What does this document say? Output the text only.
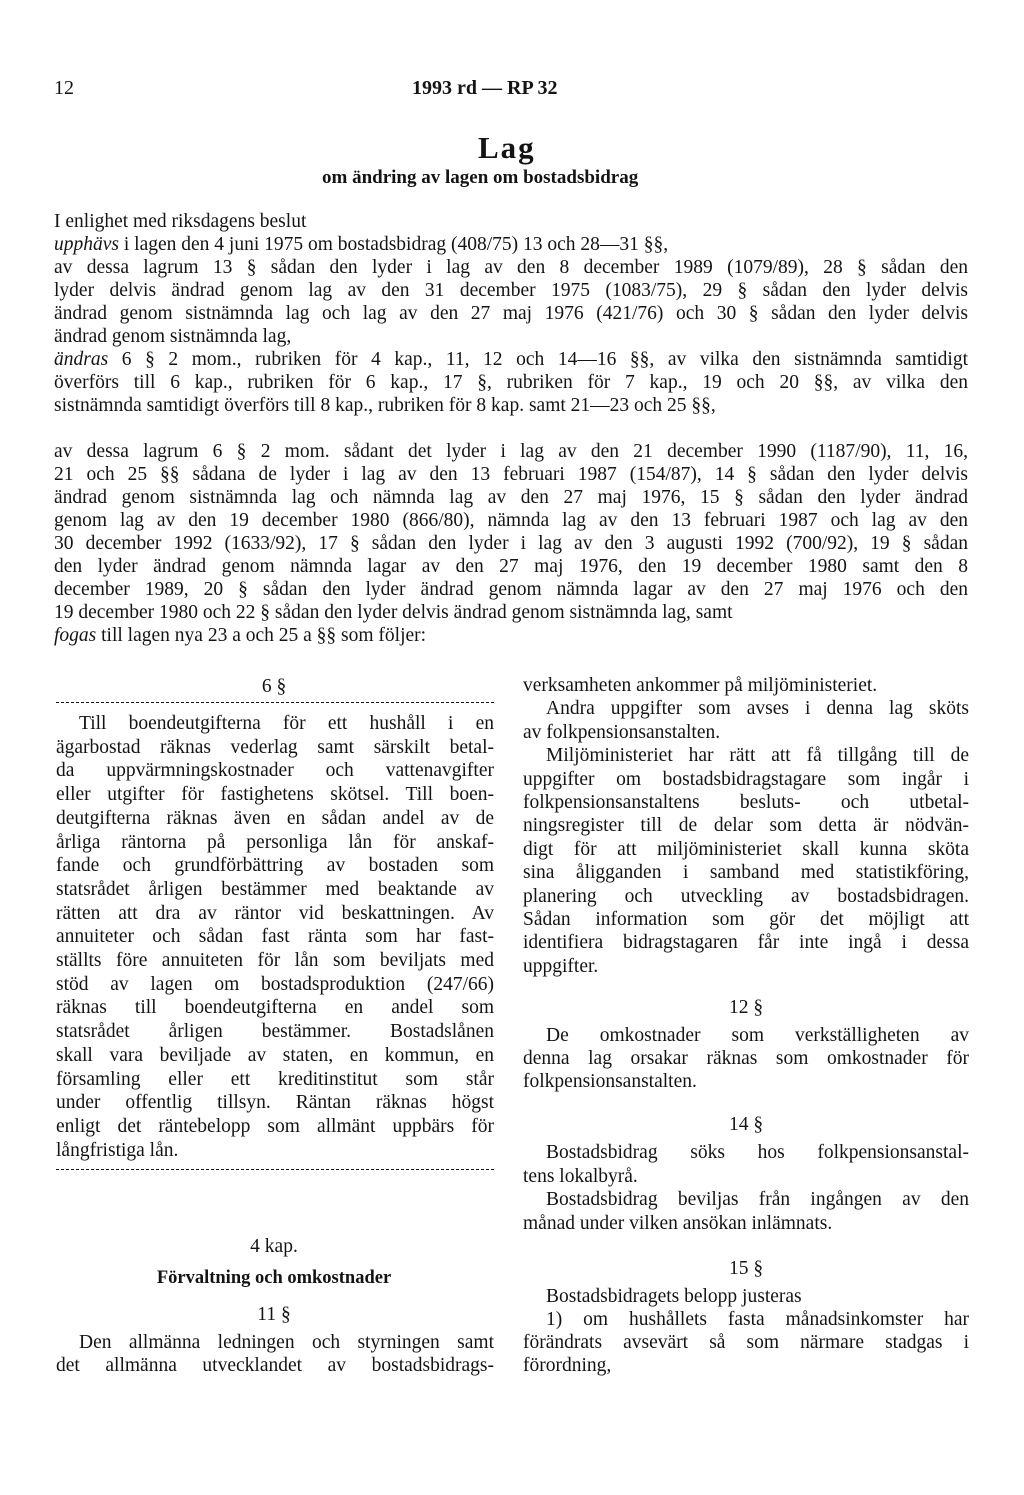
12	1993 rd — RP 32
Lag
om ändring av lagen om bostadsbidrag
I enlighet med riksdagens beslut
upphävs i lagen den 4 juni 1975 om bostadsbidrag (408/75) 13 och 28—31 §§,
av dessa lagrum 13 § sådan den lyder i lag av den 8 december 1989 (1079/89), 28 § sådan den
lyder delvis ändrad genom lag av den 31 december 1975 (1083/75), 29 § sådan den lyder delvis
ändrad genom sistnämnda lag och lag av den 27 maj 1976 (421/76) och 30 § sådan den lyder delvis
ändrad genom sistnämnda lag,
ändras 6 § 2 mom., rubriken för 4 kap., 11, 12 och 14—16 §§, av vilka den sistnämnda samtidigt
överförs till 6 kap., rubriken för 6 kap., 17 §, rubriken för 7 kap., 19 och 20 §§, av vilka den
sistnämnda samtidigt överförs till 8 kap., rubriken för 8 kap. samt 21—23 och 25 §§,
av dessa lagrum 6 § 2 mom. sådant det lyder i lag av den 21 december 1990 (1187/90), 11, 16,
21 och 25 §§ sådana de lyder i lag av den 13 februari 1987 (154/87), 14 § sådan den lyder delvis
ändrad genom sistnämnda lag och nämnda lag av den 27 maj 1976, 15 § sådan den lyder ändrad
genom lag av den 19 december 1980 (866/80), nämnda lag av den 13 februari 1987 och lag av den
30 december 1992 (1633/92), 17 § sådan den lyder i lag av den 3 augusti 1992 (700/92), 19 § sådan
den lyder ändrad genom nämnda lagar av den 27 maj 1976, den 19 december 1980 samt den 8
december 1989, 20 § sådan den lyder ändrad genom nämnda lagar av den 27 maj 1976 och den
19 december 1980 och 22 § sådan den lyder delvis ändrad genom sistnämnda lag, samt
fogas till lagen nya 23 a och 25 a §§ som följer:
6 §
Till boendeutgifterna för ett hushåll i en
ägarbostad räknas vederlag samt särskilt betal-
da uppvärmningskostnader och vattenavgifter
eller utgifter för fastighetens skötsel. Till boen-
deutgifterna räknas även en sådan andel av de
årliga räntorna på personliga lån för anskaf-
fande och grundförbättring av bostaden som
statsrådet årligen bestämmer med beaktande av
rätten att dra av räntor vid beskattningen. Av
annuiteter och sådan fast ränta som har fast-
ställts före annuiteten för lån som beviljats med
stöd av lagen om bostadsproduktion (247/66)
räknas till boendeutgifterna en andel som
statsrådet årligen bestämmer. Bostadslånen
skall vara beviljade av staten, en kommun, en
församling eller ett kreditinstitut som står
under offentlig tillsyn. Räntan räknas högst
enligt det räntebelopp som allmänt uppbärs för
långfristiga lån.
4 kap.
Förvaltning och omkostnader
11 §
Den allmänna ledningen och styrningen samt
det allmänna utvecklandet av bostadsbidrags-
verksamheten ankommer på miljöministeriet.
Andra uppgifter som avses i denna lag sköts
av folkpensionsanstalten.
Miljöministeriet har rätt att få tillgång till de
uppgifter om bostadsbidragstagare som ingår i
folkpensionsanstaltens besluts- och utbetal-
ningsregister till de delar som detta är nödvän-
digt för att miljöministeriet skall kunna sköta
sina åligganden i samband med statistikföring,
planering och utveckling av bostadsbidragen.
Sådan information som gör det möjligt att
identifiera bidragstagaren får inte ingå i dessa
uppgifter.
12 §
De omkostnader som verkställigheten av
denna lag orsakar räknas som omkostnader för
folkpensionsanstalten.
14 §
Bostadsbidrag söks hos folkpensionsanstal-
tens lokalbyrå.
Bostadsbidrag beviljas från ingången av den
månad under vilken ansökan inlämnats.
15 §
Bostadsbidragets belopp justeras
1) om hushållets fasta månadsinkomster har
förändrats avsevärt så som närmare stadgas i
förordning,
